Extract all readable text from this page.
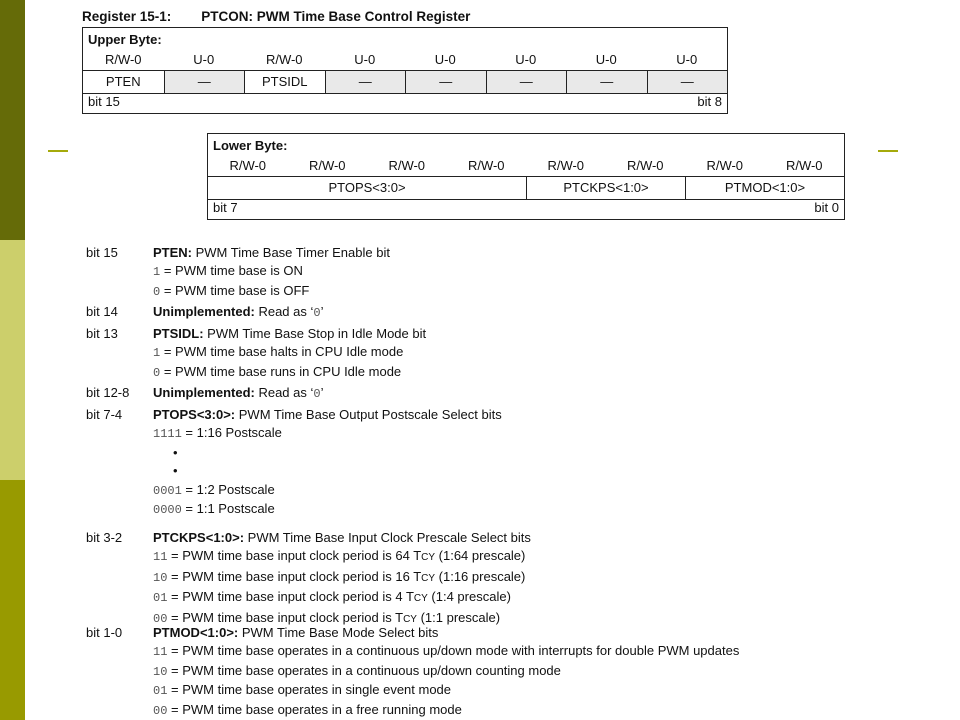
Register 15-1: PTCON: PWM Time Base Control Register
Upper Byte:
R/W-0	U-0	R/W-0	U-0	U-0	U-0	U-0	U-0
PTEN	—	PTSIDL	—	—	—	—	—
bit 15	bit 8
Lower Byte:
R/W-0	R/W-0	R/W-0	R/W-0	R/W-0	R/W-0	R/W-0	R/W-0
PTOPS<3:0>	PTCKPS<1:0>	PTMOD<1:0>
bit 7	bit 0
bit 15	PTEN: PWM Time Base Timer Enable bit
1 = PWM time base is ON
0 = PWM time base is OFF
bit 14	Unimplemented: Read as ‘0’
bit 13	PTSIDL: PWM Time Base Stop in Idle Mode bit
1 = PWM time base halts in CPU Idle mode
0 = PWM time base runs in CPU Idle mode
bit 12-8 Unimplemented: Read as ‘0’
bit 7-4 PTOPS<3:0>: PWM Time Base Output Postscale Select bits
1111 = 1:16 Postscale
•
•
0001 = 1:2 Postscale
0000 = 1:1 Postscale
bit 3-2 PTCKPS<1:0>: PWM Time Base Input Clock Prescale Select bits
11 = PWM time base input clock period is 64 TCY (1:64 prescale)
10 = PWM time base input clock period is 16 TCY (1:16 prescale)
01 = PWM time base input clock period is 4 TCY (1:4 prescale)
00 = PWM time base input clock period is TCY (1:1 prescale)
bit 1-0 PTMOD<1:0>: PWM Time Base Mode Select bits
11 = PWM time base operates in a continuous up/down mode with interrupts for double PWM updates
10 = PWM time base operates in a continuous up/down counting mode
01 = PWM time base operates in single event mode
00 = PWM time base operates in a free running mode
